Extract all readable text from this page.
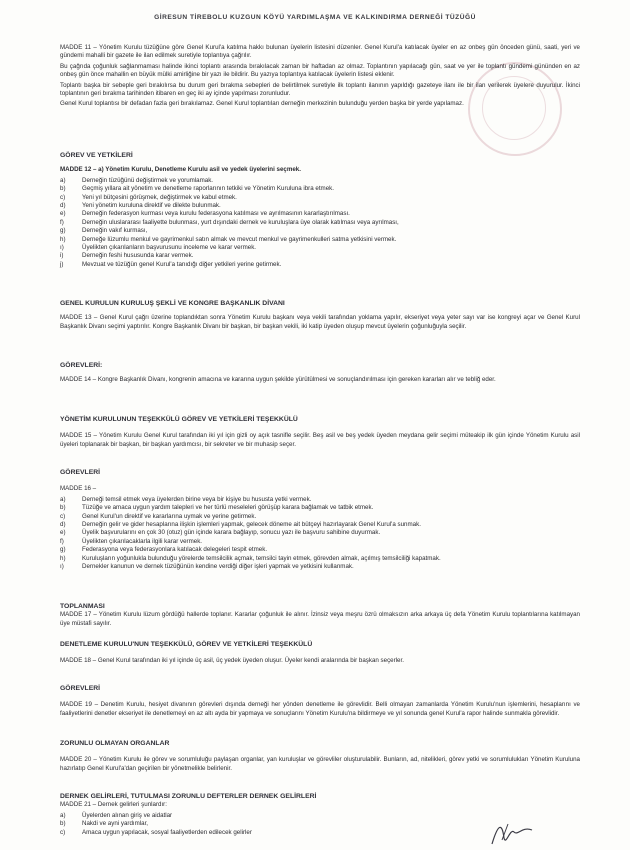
GİRESUN TİREBOLU KUZGUN KÖYÜ YARDIMLAŞMA VE KALKINDIRMA DERNEĞİ TÜZÜĞÜ

MADDE 11 – Yönetim Kurulu tüzüğüne göre Genel Kurul'a katılma hakkı bulunan üyelerin listesini düzenler. Genel Kurul'a katılacak üyeler en az onbeş gün önceden günü, saati, yeri ve gündemi mahalli bir gazete ile ilan edilmek suretiyle toplantıya çağrılır.

Bu çağrıda çoğunluk sağlanmaması halinde ikinci toplantı arasında bırakılacak zaman bir haftadan az olmaz. Toplantının yapılacağı gün, saat ve yer ile toplantı gündemi gününden en az onbeş gün önce mahallin en büyük mülki amirliğine bir yazı ile bildirir. Bu yazıya toplantıya katılacak üyelerin listesi eklenir.

Toplantı başka bir sebeple geri bırakılırsa bu durum geri bırakma sebepleri de belirtilmek suretiyle ilk toplantı ilanının yapıldığı gazeteye ilanı ile bir ilan verilerek üyelere duyurulur. İkinci toplantının geri bırakma tarihinden itibaren en geç iki ay içinde yapılması zorunludur.

Genel Kurul toplantısı bir defadan fazla geri bırakılamaz. Genel Kurul toplantıları derneğin merkezinin bulunduğu yerden başka bir yerde yapılamaz.

GÖREV VE YETKİLERİ

MADDE 12 – a) Yönetim Kurulu, Denetleme Kurulu asil ve yedek üyelerini seçmek.

a)	Derneğin tüzüğünü değiştirmek ve yorumlamak.
b)	Geçmiş yıllara ait yönetim ve denetleme raporlarının tetkiki ve Yönetim Kuruluna ibra etmek.
c)	Yeni yıl bütçesini görüşmek, değiştirmek ve kabul etmek.
d)	Yeni yönetim kuruluna direktif ve dilekte bulunmak.
e)	Derneğin federasyon kurması veya kurulu federasyona katılması ve ayrılmasının kararlaştırılması.
f)	Derneğin uluslararası faaliyette bulunması, yurt dışındaki dernek ve kuruluşlara üye olarak katılması veya ayrılması,
g)	Derneğin vakıf kurması,
h)	Derneğe lüzumlu menkul ve gayrimenkul satın almak ve mevcut menkul ve gayrimenkulleri satma yetkisini vermek.
ı)	Üyelikten çıkarılanların başvurusunu inceleme ve karar vermek.
i)	Derneğin feshi hususunda karar vermek.
j)	Mevzuat ve tüzüğün genel Kurul'a tanıdığı diğer yetkileri yerine getirmek.
GENEL KURULUN KURULUŞ ŞEKLİ VE KONGRE BAŞKANLIK DİVANI

MADDE 13 – Genel Kurul çağrı üzerine toplandıktan sonra Yönetim Kurulu başkanı veya vekili tarafından yoklama yapılır, ekseriyet veya yeter sayı var ise kongreyi açar ve Genel Kurul Başkanlık Divanı seçimi yaptırılır. Kongre Başkanlık Divanı bir başkan, bir başkan vekili, iki katip üyeden oluşup mevcut üyelerin çoğunluğuyla seçilir.

GÖREVLERİ:

MADDE 14 – Kongre Başkanlık Divanı, kongrenin amacına ve kararına uygun şekilde yürütülmesi ve sonuçlandırılması için gereken kararları alır ve tebliğ eder.

YÖNETİM KURULUNUN TEŞEKKÜLÜ GÖREV VE YETKİLERİ TEŞEKKÜLÜ

MADDE 15 – Yönetim Kurulu Genel Kurul tarafından iki yıl için gizli oy açık tasnifle seçilir. Beş asil ve beş yedek üyeden meydana gelir seçimi müteakip ilk gün içinde Yönetim Kurulu asil üyeleri toplanarak bir başkan, bir başkan yardımcısı, bir sekreter ve bir muhasip seçer.

GÖREVLERİ

MADDE 16 –

a)	Derneği temsil etmek veya üyelerden birine veya bir kişiye bu hususta yetki vermek.
b)	Tüzüğe ve amaca uygun yardım talepleri ve her türlü meseleleri görüşüp karara bağlamak ve tatbik etmek.
c)	Genel Kurul'un direktif ve kararlarına uymak ve yerine getirmek.
d)	Derneğin gelir ve gider hesaplarına ilişkin işlemleri yapmak, gelecek döneme ait bütçeyi hazırlayarak Genel Kurul'a sunmak.
e)	Üyelik başvurularını en çok 30 (otuz) gün içinde karara bağlayıp, sonucu yazı ile başvuru sahibine duyurmak.
f)	Üyelikten çıkarılacaklarla ilgili karar vermek.
g)	Federasyona veya federasyonlara katılacak delegeleri tespit etmek.
h)	Kuruluşların yoğunlukla bulunduğu yörelerde temsilcilik açmak, temsilci tayin etmek, görevden almak, açılmış temsilciliği kapatmak.
ı)	Dernekler kanunun ve dernek tüzüğünün kendine verdiği diğer işleri yapmak ve yetkisini kullanmak.
TOPLANMASI

MADDE 17 – Yönetim Kurulu lüzum gördüğü hallerde toplanır. Kararlar çoğunluk ile alınır. İzinsiz veya meşru özrü olmaksızın arka arkaya üç defa Yönetim Kurulu toplantılarına katılmayan üye müstafi sayılır.

DENETLEME KURULU'NUN TEŞEKKÜLÜ, GÖREV VE YETKİLERİ TEŞEKKÜLÜ

MADDE 18 – Genel Kurul tarafından iki yıl içinde üç asil, üç yedek üyeden oluşur. Üyeler kendi aralarında bir başkan seçerler.

GÖREVLERİ

MADDE 19 – Denetim Kurulu, hesiyet divanının görevleri dışında derneği her yönden denetleme ile görevlidir. Belli olmayan zamanlarda Yönetim Kurulu'nun işlemlerini, hesaplarını ve faaliyetlerini denetler ekseriyet ile denetlemeyi en az altı ayda bir yapmaya ve sonuçlarını Yönetim Kurulu'na bildirmeye ve yıl sonunda genel Kurul'a rapor halinde sunmakla görevlidir.

ZORUNLU OLMAYAN ORGANLAR

MADDE 20 – Yönetim Kurulu ile görev ve sorumluluğu paylaşan organlar, yan kuruluşlar ve görevliler oluşturulabilir. Bunların, ad, nitelikleri, görev yetki ve sorumlulukları Yönetim Kuruluna hazırlatıp Genel Kurul'a'dan geçirilen bir yönetmelikle belirlenir.

DERNEK GELİRLERİ, TUTULMASI ZORUNLU DEFTERLER DERNEK GELİRLERİ

MADDE 21 – Dernek gelirleri şunlardır:

a)	Üyelerden alınan giriş ve aidatlar
b)	Nakdi ve ayni yardımlar,
c)	Amaca uygun yapılacak, sosyal faaliyetlerden edilecek gelirler
